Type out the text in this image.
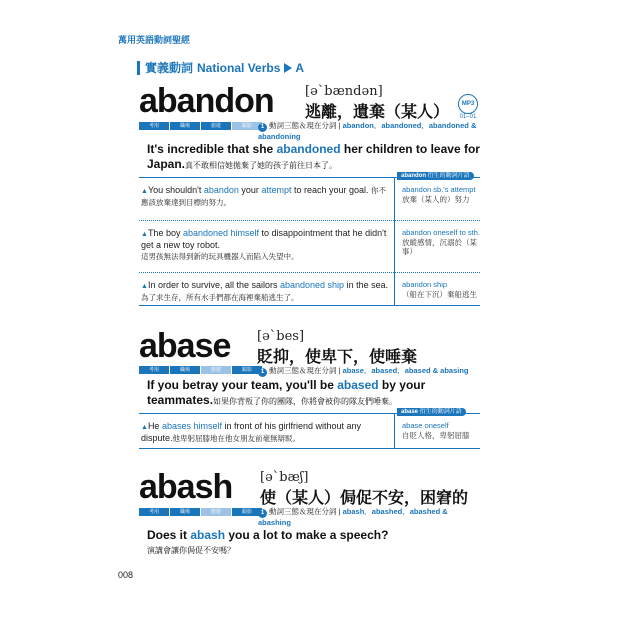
萬用英語動詞聖經
實義動詞 National Verbs A
abandon [əˋbændən]
逃離，遺棄（某人）	MP3
01–01
考用	職場	旅遊	跟影	1 動詞三態＆現在分詞 | abandon．abandoned．abandoned & abandoning
It's incredible that she abandoned her children to leave for Japan.真不敢相信她拋棄了她的孩子前往日本了。
abandon 衍生的動詞片語
▲You shouldn't abandon your attempt to reach your goal. 你不應該放棄達到目標的努力。
abandon sb.'s attempt
放棄（某人的）努力
▲The boy abandoned himself to disappointment that he didn't get a new toy robot.
這男孩無法得到新的玩具機器人而陷入失望中。
abandon oneself to sth.
放縱感情，沉溺於（某事）
▲In order to survive, all the sailors abandoned ship in the sea.為了求生存，所有水手們都在海裡棄船逃生了。
abandon ship
（船在下沉）棄船逃生
abase [əˋbes]
貶抑，使卑下，使唾棄
考用	職場	旅遊	跟影	1 動詞三態＆現在分詞 | abase．abased．abased & abasing
If you betray your team, you'll be abased by your teammates.如果你背叛了你的團隊，你將會被你的隊友們唾棄。
abase 衍生的動詞片語
▲He abases himself in front of his girlfriend without any dispute.他卑躬屈膝地在他女朋友前毫無辯駁。
abase oneself
自貶人格，卑躬屈膝
abash [əˋbæʃ]
使（某人）侷促不安，困窘的
考用	職場	旅遊	跟影	1 動詞三態＆現在分詞 | abash．abashed．abashed & abashing
Does it abash you a lot to make a speech?
演講會讓你侷促不安嗎？
008
